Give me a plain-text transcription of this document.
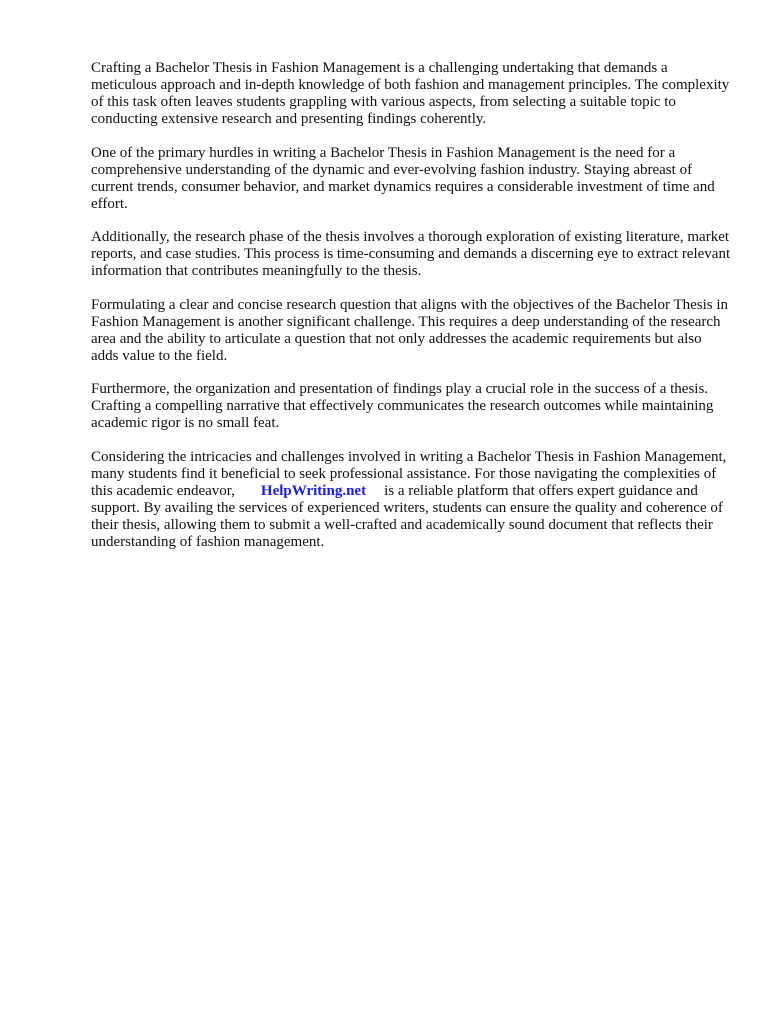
Crafting a Bachelor Thesis in Fashion Management is a challenging undertaking that demands a meticulous approach and in-depth knowledge of both fashion and management principles. The complexity of this task often leaves students grappling with various aspects, from selecting a suitable topic to conducting extensive research and presenting findings coherently.

One of the primary hurdles in writing a Bachelor Thesis in Fashion Management is the need for a comprehensive understanding of the dynamic and ever-evolving fashion industry. Staying abreast of current trends, consumer behavior, and market dynamics requires a considerable investment of time and effort.

Additionally, the research phase of the thesis involves a thorough exploration of existing literature, market reports, and case studies. This process is time-consuming and demands a discerning eye to extract relevant information that contributes meaningfully to the thesis.

Formulating a clear and concise research question that aligns with the objectives of the Bachelor Thesis in Fashion Management is another significant challenge. This requires a deep understanding of the research area and the ability to articulate a question that not only addresses the academic requirements but also adds value to the field.

Furthermore, the organization and presentation of findings play a crucial role in the success of a thesis. Crafting a compelling narrative that effectively communicates the research outcomes while maintaining academic rigor is no small feat.

Considering the intricacies and challenges involved in writing a Bachelor Thesis in Fashion Management, many students find it beneficial to seek professional assistance. For those navigating the complexities of this academic endeavor, HelpWriting.net is a reliable platform that offers expert guidance and support. By availing the services of experienced writers, students can ensure the quality and coherence of their thesis, allowing them to submit a well-crafted and academically sound document that reflects their understanding of fashion management.
